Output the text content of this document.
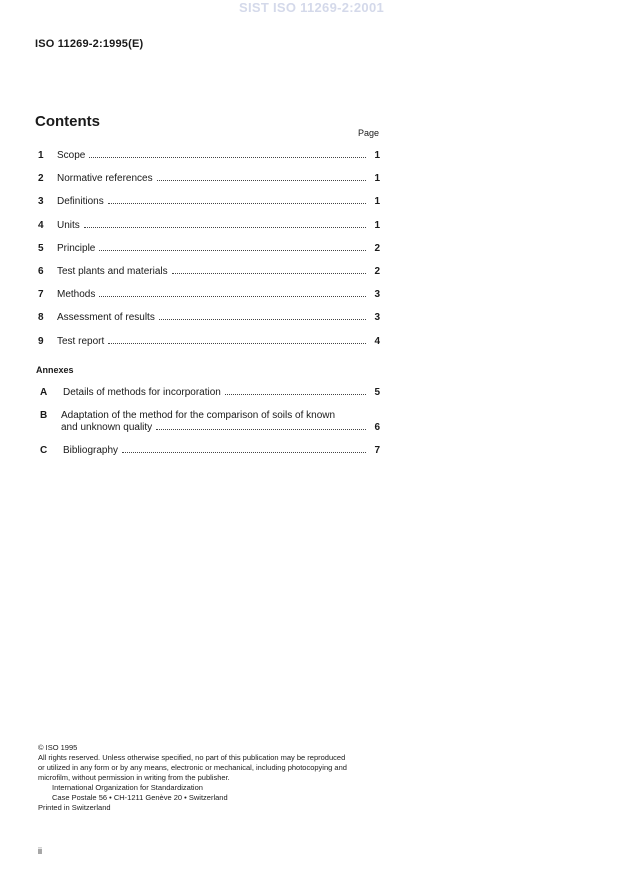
SIST ISO 11269-2:2001
ISO 11269-2:1995(E)
Contents
Page
1	Scope	1
2	Normative references	1
3	Definitions	1
4	Units	1
5	Principle	2
6	Test plants and materials	2
7	Methods	3
8	Assessment of results	3
9	Test report	4
Annexes
A	Details of methods for incorporation	5
B Adaptation of the method for the comparison of soils of known
and unknown quality	6
C	Bibliography	7
© ISO 1995
All rights reserved. Unless otherwise specified, no part of this publication may be reproduced
or utilized in any form or by any means, electronic or mechanical, including photocopying and
microfilm, without permission in writing from the publisher.
International Organization for Standardization
Case Postale 56 • CH-1211 Genève 20 • Switzerland
Printed in Switzerland
ii
